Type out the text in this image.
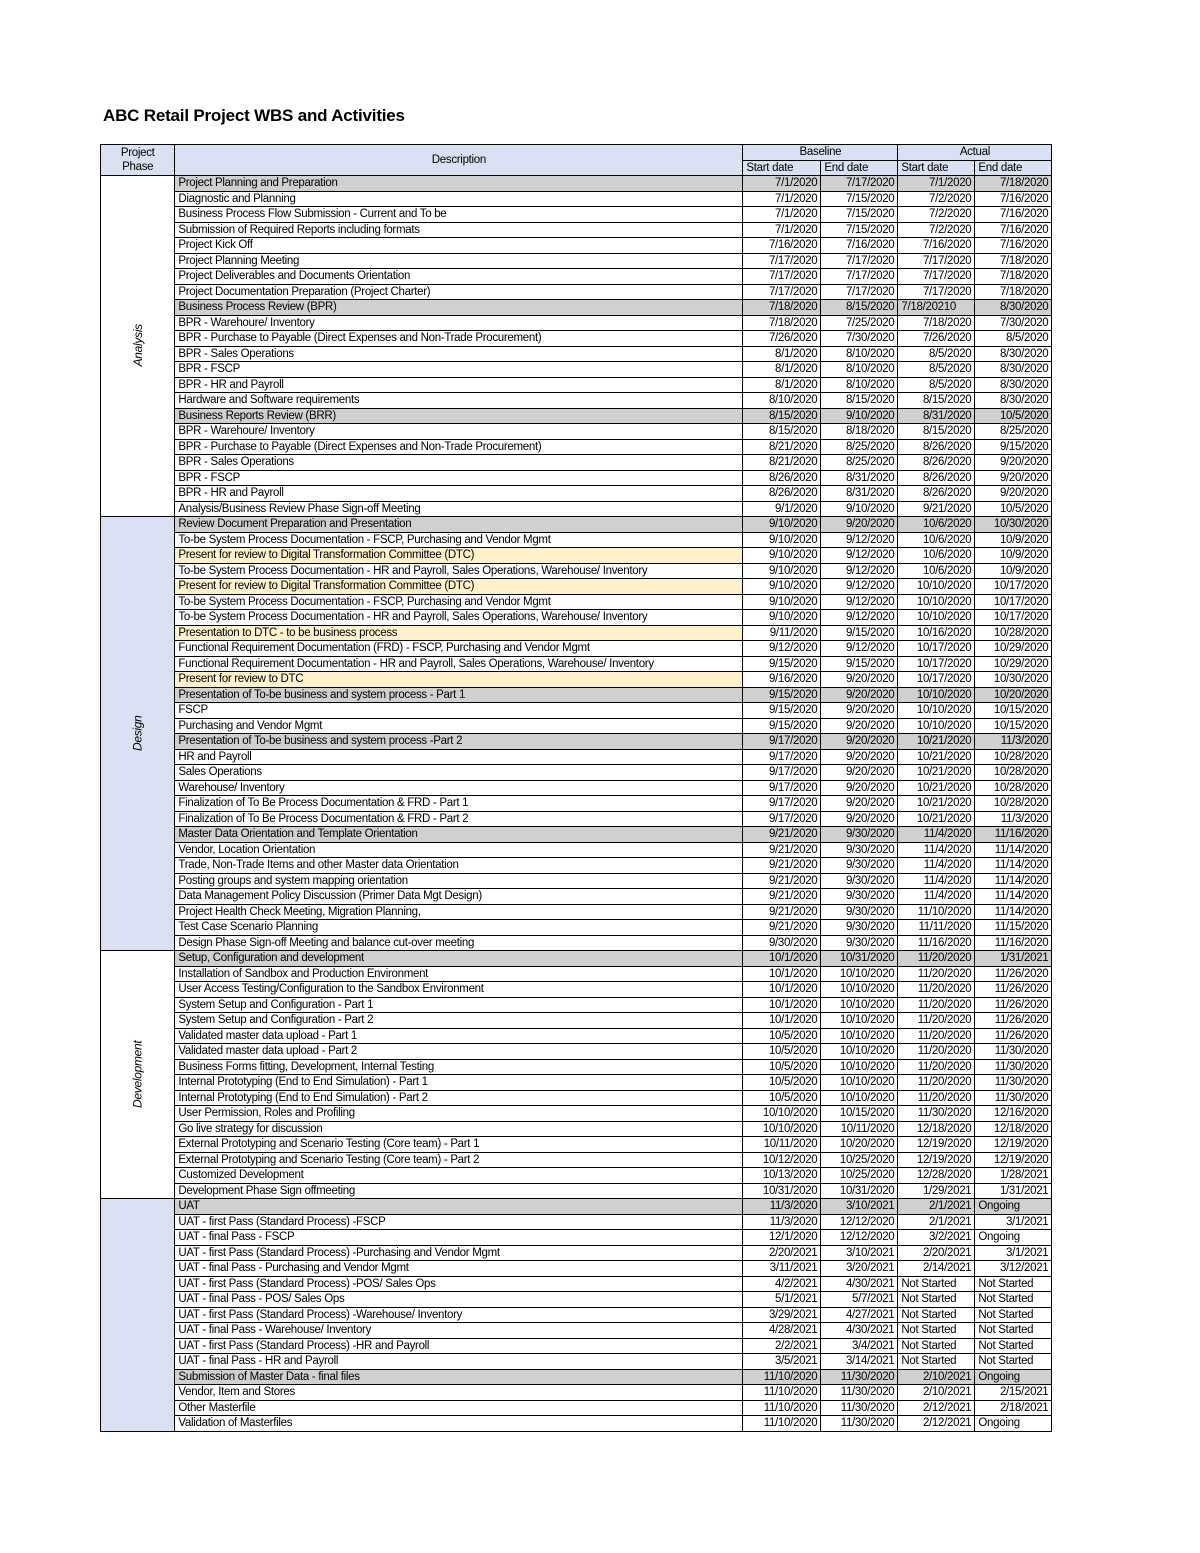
ABC Retail Project WBS and Activities
Project
Phase	Description	Baseline		Actual	
		Start date	End date	Start date	End date
Analysis	Project Planning and Preparation	7/1/2020	7/17/2020	7/1/2020	7/18/2020
	Diagnostic and Planning	7/1/2020	7/15/2020	7/2/2020	7/16/2020
	Business Process Flow Submission - Current and To be	7/1/2020	7/15/2020	7/2/2020	7/16/2020
	Submission of Required Reports including formats	7/1/2020	7/15/2020	7/2/2020	7/16/2020
	Project Kick Off	7/16/2020	7/16/2020	7/16/2020	7/16/2020
	Project Planning Meeting	7/17/2020	7/17/2020	7/17/2020	7/18/2020
	Project Deliverables and Documents Orientation	7/17/2020	7/17/2020	7/17/2020	7/18/2020
	Project Documentation Preparation (Project Charter)	7/17/2020	7/17/2020	7/17/2020	7/18/2020
	Business Process Review (BPR)	7/18/2020	8/15/2020	7/18/20210	8/30/2020
	BPR - Warehoure/ Inventory	7/18/2020	7/25/2020	7/18/2020	7/30/2020
	BPR - Purchase to Payable (Direct Expenses and Non-Trade Procurement)	7/26/2020	7/30/2020	7/26/2020	8/5/2020
	BPR - Sales Operations	8/1/2020	8/10/2020	8/5/2020	8/30/2020
	BPR - FSCP	8/1/2020	8/10/2020	8/5/2020	8/30/2020
	BPR - HR and Payroll	8/1/2020	8/10/2020	8/5/2020	8/30/2020
	Hardware and Software requirements	8/10/2020	8/15/2020	8/15/2020	8/30/2020
	Business Reports Review (BRR)	8/15/2020	9/10/2020	8/31/2020	10/5/2020
	BPR - Warehoure/ Inventory	8/15/2020	8/18/2020	8/15/2020	8/25/2020
	BPR - Purchase to Payable (Direct Expenses and Non-Trade Procurement)	8/21/2020	8/25/2020	8/26/2020	9/15/2020
	BPR - Sales Operations	8/21/2020	8/25/2020	8/26/2020	9/20/2020
	BPR - FSCP	8/26/2020	8/31/2020	8/26/2020	9/20/2020
	BPR - HR and Payroll	8/26/2020	8/31/2020	8/26/2020	9/20/2020
	Analysis/Business Review Phase Sign-off Meeting	9/1/2020	9/10/2020	9/21/2020	10/5/2020
Design	Review Document Preparation and Presentation	9/10/2020	9/20/2020	10/6/2020	10/30/2020
	To-be System Process Documentation - FSCP, Purchasing and Vendor Mgmt	9/10/2020	9/12/2020	10/6/2020	10/9/2020
	Present for review to Digital Transformation Committee (DTC)	9/10/2020	9/12/2020	10/6/2020	10/9/2020
	To-be System Process Documentation - HR and Payroll, Sales Operations, Warehouse/ Inventory	9/10/2020	9/12/2020	10/6/2020	10/9/2020
	Present for review to Digital Transformation Committee (DTC)	9/10/2020	9/12/2020	10/10/2020	10/17/2020
	To-be System Process Documentation - FSCP, Purchasing and Vendor Mgmt	9/10/2020	9/12/2020	10/10/2020	10/17/2020
	To-be System Process Documentation - HR and Payroll, Sales Operations, Warehouse/ Inventory	9/10/2020	9/12/2020	10/10/2020	10/17/2020
	Presentation to DTC - to be business process	9/11/2020	9/15/2020	10/16/2020	10/28/2020
	Functional Requirement Documentation (FRD) - FSCP, Purchasing and Vendor Mgmt	9/12/2020	9/12/2020	10/17/2020	10/29/2020
	Functional Requirement Documentation - HR and Payroll, Sales Operations, Warehouse/ Inventory	9/15/2020	9/15/2020	10/17/2020	10/29/2020
	Present for review to DTC	9/16/2020	9/20/2020	10/17/2020	10/30/2020
	Presentation of To-be business and system process - Part 1	9/15/2020	9/20/2020	10/10/2020	10/20/2020
	FSCP	9/15/2020	9/20/2020	10/10/2020	10/15/2020
	Purchasing and Vendor Mgmt	9/15/2020	9/20/2020	10/10/2020	10/15/2020
	Presentation of To-be business and system process -Part 2	9/17/2020	9/20/2020	10/21/2020	11/3/2020
	HR and Payroll	9/17/2020	9/20/2020	10/21/2020	10/28/2020
	Sales Operations	9/17/2020	9/20/2020	10/21/2020	10/28/2020
	Warehouse/ Inventory	9/17/2020	9/20/2020	10/21/2020	10/28/2020
	Finalization of To Be Process Documentation & FRD - Part 1	9/17/2020	9/20/2020	10/21/2020	10/28/2020
	Finalization of To Be Process Documentation & FRD - Part 2	9/17/2020	9/20/2020	10/21/2020	11/3/2020
	Master Data Orientation and Template Orientation	9/21/2020	9/30/2020	11/4/2020	11/16/2020
	Vendor, Location Orientation	9/21/2020	9/30/2020	11/4/2020	11/14/2020
	Trade, Non-Trade Items and other Master data Orientation	9/21/2020	9/30/2020	11/4/2020	11/14/2020
	Posting groups and system mapping orientation	9/21/2020	9/30/2020	11/4/2020	11/14/2020
	Data Management Policy Discussion (Primer Data Mgt Design)	9/21/2020	9/30/2020	11/4/2020	11/14/2020
	Project Health Check Meeting, Migration Planning,	9/21/2020	9/30/2020	11/10/2020	11/14/2020
	Test Case Scenario Planning	9/21/2020	9/30/2020	11/11/2020	11/15/2020
	Design Phase Sign-off Meeting and balance cut-over meeting	9/30/2020	9/30/2020	11/16/2020	11/16/2020
Development	Setup, Configuration and development	10/1/2020	10/31/2020	11/20/2020	1/31/2021
	Installation of Sandbox and Production Environment	10/1/2020	10/10/2020	11/20/2020	11/26/2020
	User Access Testing/Configuration to the Sandbox Environment	10/1/2020	10/10/2020	11/20/2020	11/26/2020
	System Setup and Configuration - Part 1	10/1/2020	10/10/2020	11/20/2020	11/26/2020
	System Setup and Configuration - Part 2	10/1/2020	10/10/2020	11/20/2020	11/26/2020
	Validated master data upload - Part 1	10/5/2020	10/10/2020	11/20/2020	11/26/2020
	Validated master data upload - Part 2	10/5/2020	10/10/2020	11/20/2020	11/30/2020
	Business Forms fitting, Development, Internal Testing	10/5/2020	10/10/2020	11/20/2020	11/30/2020
	Internal Prototyping (End to End Simulation) - Part 1	10/5/2020	10/10/2020	11/20/2020	11/30/2020
	Internal Prototyping (End to End Simulation) - Part 2	10/5/2020	10/10/2020	11/20/2020	11/30/2020
	User Permission, Roles and Profiling	10/10/2020	10/15/2020	11/30/2020	12/16/2020
	Go live strategy for discussion	10/10/2020	10/11/2020	12/18/2020	12/18/2020
	External Prototyping and Scenario Testing (Core team) - Part 1	10/11/2020	10/20/2020	12/19/2020	12/19/2020
	External Prototyping and Scenario Testing (Core team) - Part 2	10/12/2020	10/25/2020	12/19/2020	12/19/2020
	Customized Development	10/13/2020	10/25/2020	12/28/2020	1/28/2021
	Development Phase Sign offmeeting	10/31/2020	10/31/2020	1/29/2021	1/31/2021
	UAT	11/3/2020	3/10/2021	2/1/2021	Ongoing
	UAT - first Pass (Standard Process) -FSCP	11/3/2020	12/12/2020	2/1/2021	3/1/2021
	UAT - final Pass - FSCP	12/1/2020	12/12/2020	3/2/2021	Ongoing
	UAT - first Pass (Standard Process) -Purchasing and Vendor Mgmt	2/20/2021	3/10/2021	2/20/2021	3/1/2021
	UAT - final Pass - Purchasing and Vendor Mgmt	3/11/2021	3/20/2021	2/14/2021	3/12/2021
	UAT - first Pass (Standard Process) -POS/ Sales Ops	4/2/2021	4/30/2021	Not Started	Not Started
	UAT - final Pass - POS/ Sales Ops	5/1/2021	5/7/2021	Not Started	Not Started
	UAT - first Pass (Standard Process) -Warehouse/ Inventory	3/29/2021	4/27/2021	Not Started	Not Started
	UAT - final Pass - Warehouse/ Inventory	4/28/2021	4/30/2021	Not Started	Not Started
	UAT - first Pass (Standard Process) -HR and Payroll	2/2/2021	3/4/2021	Not Started	Not Started
	UAT - final Pass - HR and Payroll	3/5/2021	3/14/2021	Not Started	Not Started
	Submission of Master Data - final files	11/10/2020	11/30/2020	2/10/2021	Ongoing
	Vendor, Item and Stores	11/10/2020	11/30/2020	2/10/2021	2/15/2021
	Other Masterfile	11/10/2020	11/30/2020	2/12/2021	2/18/2021
	Validation of Masterfiles	11/10/2020	11/30/2020	2/12/2021	Ongoing
